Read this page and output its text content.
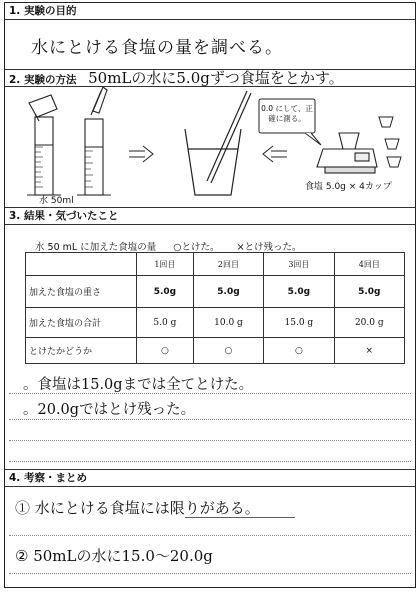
1. 実験の目的
水にとける食塩の量を調べる。
2. 実験の方法 50mLの水に5.0gずつ食塩をとかす。
0.0 にして、正確に測る。
水 50ml
食塩 5.0g × 4カップ
3. 結果・気づいたこと
水 50 mL に加えた食塩の量 ○とけた。 ×とけ残った。
	1回目	2回目	3回目	4回目
加えた食塩の重さ	5.0g	5.0g	5.0g	5.0g
加えた食塩の合計	5.0 g	10.0 g	15.0 g	20.0 g
とけたかどうか	○	○	○	×
。食塩は15.0gまでは全てとけた。
。20.0gではとけ残った。
4. 考察・まとめ
① 水にとける食塩には限りがある。
② 50mLの水に15.0〜20.0g
